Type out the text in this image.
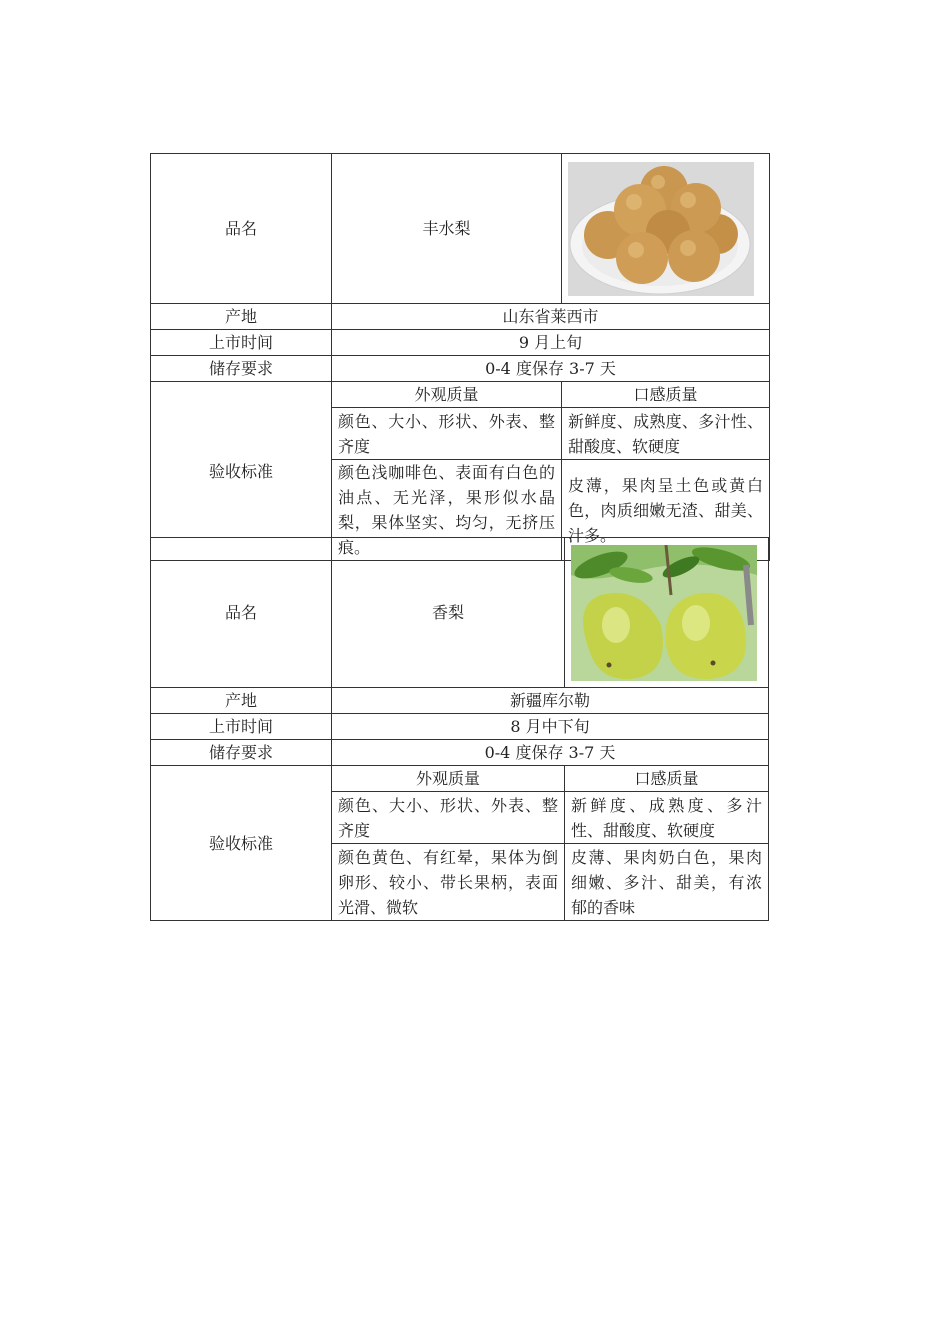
品名	丰水梨	

产地	山东省莱西市	
上市时间	9 月上旬	
储存要求	0-4 度保存 3-7 天	
验收标准	外观质量	口感质量
	颜色、大小、形状、外表、整齐度	新鲜度、成熟度、多汁性、甜酸度、软硬度
	颜色浅咖啡色、表面有白色的油点、无光泽，果形似水晶梨，果体坚实、均匀，无挤压痕。	皮薄，果肉呈土色或黄白色，肉质细嫩无渣、甜美、汁多。
品名	香梨	

产地	新疆库尔勒	
上市时间	8 月中下旬	
储存要求	0-4 度保存 3-7 天	
验收标准	外观质量	口感质量
	颜色、大小、形状、外表、整齐度	新鲜度、成熟度、多汁性、甜酸度、软硬度
	颜色黄色、有红晕，果体为倒卵形、较小、带长果柄，表面光滑、微软	皮薄、果肉奶白色，果肉细嫩、多汁、甜美，有浓郁的香味
